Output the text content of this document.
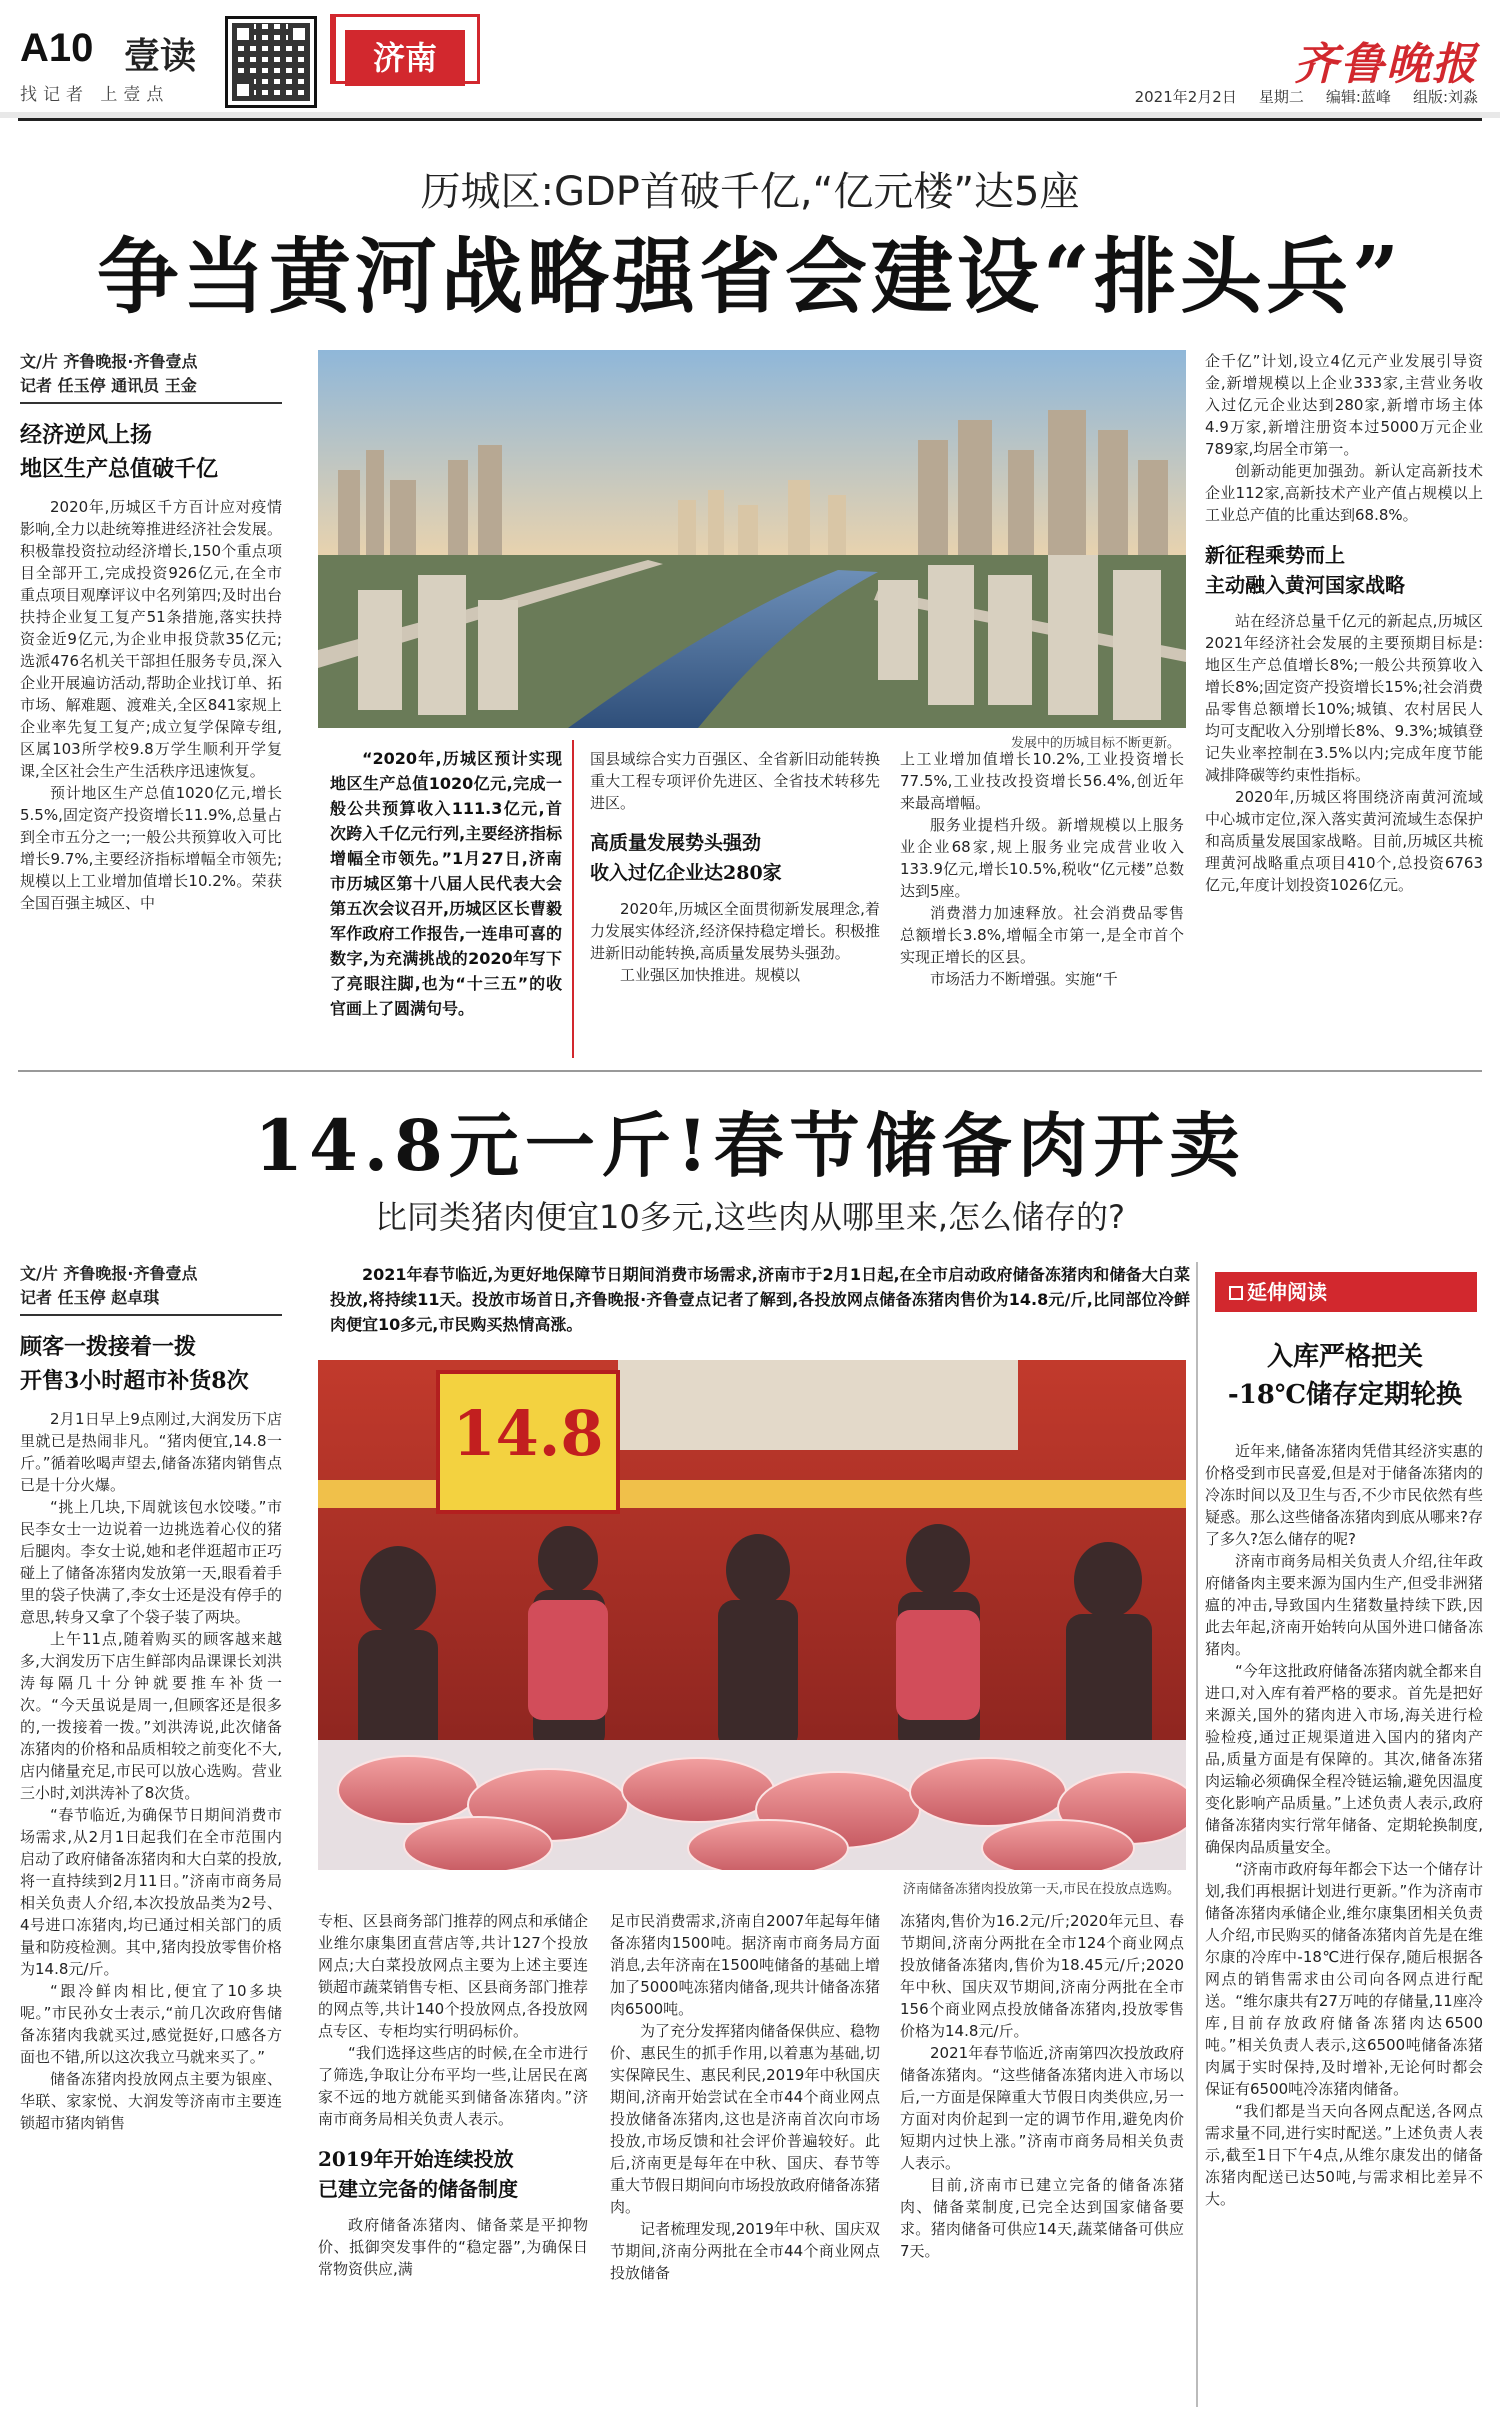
A10 壹读
找记者 上壹点
济南	齐鲁晚报
2021年2月2日 星期二 编辑:蓝峰 组版:刘淼
历城区:GDP首破千亿,“亿元楼”达5座
争当黄河战略强省会建设“排头兵”
文/片 齐鲁晚报·齐鲁壹点
记者 任玉停 通讯员 王金
经济逆风上扬
地区生产总值破千亿

2020年,历城区千方百计应对疫情影响,全力以赴统筹推进经济社会发展。积极靠投资拉动经济增长,150个重点项目全部开工,完成投资926亿元,在全市重点项目观摩评议中名列第四;及时出台扶持企业复工复产51条措施,落实扶持资金近9亿元,为企业申报贷款35亿元;选派476名机关干部担任服务专员,深入企业开展遍访活动,帮助企业找订单、拓市场、解难题、渡难关,全区841家规上企业率先复工复产;成立复学保障专组,区属103所学校9.8万学生顺利开学复课,全区社会生产生活秩序迅速恢复。

预计地区生产总值1020亿元,增长5.5%,固定资产投资增长11.9%,总量占到全市五分之一;一般公共预算收入可比增长9.7%,主要经济指标增幅全市领先;规模以上工业增加值增长10.2%。荣获全国百强主城区、中

发展中的历城目标不断更新。

“2020年,历城区预计实现地区生产总值1020亿元,完成一般公共预算收入111.3亿元,首次跨入千亿元行列,主要经济指标增幅全市领先。”1月27日,济南市历城区第十八届人民代表大会第五次会议召开,历城区区长曹毅军作政府工作报告,一连串可喜的数字,为充满挑战的2020年写下了亮眼注脚,也为“十三五”的收官画上了圆满句号。

国县域综合实力百强区、全省新旧动能转换重大工程专项评价先进区、全省技术转移先进区。
高质量发展势头强劲
收入过亿企业达280家

2020年,历城区全面贯彻新发展理念,着力发展实体经济,经济保持稳定增长。积极推进新旧动能转换,高质量发展势头强劲。

工业强区加快推进。规模以

上工业增加值增长10.2%,工业投资增长77.5%,工业技改投资增长56.4%,创近年来最高增幅。

服务业提档升级。新增规模以上服务业企业68家,规上服务业完成营业收入133.9亿元,增长10.5%,税收“亿元楼”总数达到5座。

消费潜力加速释放。社会消费品零售总额增长3.8%,增幅全市第一,是全市首个实现正增长的区县。

市场活力不断增强。实施“千

企千亿”计划,设立4亿元产业发展引导资金,新增规模以上企业333家,主营业务收入过亿元企业达到280家,新增市场主体4.9万家,新增注册资本过5000万元企业789家,均居全市第一。

创新动能更加强劲。新认定高新技术企业112家,高新技术产业产值占规模以上工业总产值的比重达到68.8%。

新征程乘势而上
主动融入黄河国家战略

站在经济总量千亿元的新起点,历城区2021年经济社会发展的主要预期目标是:地区生产总值增长8%;一般公共预算收入增长8%;固定资产投资增长15%;社会消费品零售总额增长10%;城镇、农村居民人均可支配收入分别增长8%、9.3%;城镇登记失业率控制在3.5%以内;完成年度节能减排降碳等约束性指标。

2020年,历城区将围绕济南黄河流域中心城市定位,深入落实黄河流域生态保护和高质量发展国家战略。目前,历城区共梳理黄河战略重点项目410个,总投资6763亿元,年度计划投资1026亿元。

14.8元一斤!春节储备肉开卖
比同类猪肉便宜10多元,这些肉从哪里来,怎么储存的?
文/片 齐鲁晚报·齐鲁壹点
记者 任玉停 赵卓琪
顾客一拨接着一拨
开售3小时超市补货8次

2月1日早上9点刚过,大润发历下店里就已是热闹非凡。“猪肉便宜,14.8一斤。”循着吆喝声望去,储备冻猪肉销售点已是十分火爆。

“挑上几块,下周就该包水饺喽。”市民李女士一边说着一边挑选着心仪的猪后腿肉。李女士说,她和老伴逛超市正巧碰上了储备冻猪肉发放第一天,眼看着手里的袋子快满了,李女士还是没有停手的意思,转身又拿了个袋子装了两块。

上午11点,随着购买的顾客越来越多,大润发历下店生鲜部肉品课课长刘洪涛每隔几十分钟就要推车补货一次。“今天虽说是周一,但顾客还是很多的,一拨接着一拨。”刘洪涛说,此次储备冻猪肉的价格和品质相较之前变化不大,店内储量充足,市民可以放心选购。营业三小时,刘洪涛补了8次货。

“春节临近,为确保节日期间消费市场需求,从2月1日起我们在全市范围内启动了政府储备冻猪肉和大白菜的投放,将一直持续到2月11日。”济南市商务局相关负责人介绍,本次投放品类为2号、4号进口冻猪肉,均已通过相关部门的质量和防疫检测。其中,猪肉投放零售价格为14.8元/斤。

“跟冷鲜肉相比,便宜了10多块呢。”市民孙女士表示,“前几次政府售储备冻猪肉我就买过,感觉挺好,口感各方面也不错,所以这次我立马就来买了。”

储备冻猪肉投放网点主要为银座、华联、家家悦、大润发等济南市主要连锁超市猪肉销售

2021年春节临近,为更好地保障节日期间消费市场需求,济南市于2月1日起,在全市启动政府储备冻猪肉和储备大白菜投放,将持续11天。投放市场首日,齐鲁晚报·齐鲁壹点记者了解到,各投放网点储备冻猪肉售价为14.8元/斤,比同部位冷鲜肉便宜10多元,市民购买热情高涨。

14.8
济南储备冻猪肉投放第一天,市民在投放点选购。
专柜、区县商务部门推荐的网点和承储企业维尔康集团直营店等,共计127个投放网点;大白菜投放网点主要为上述主要连锁超市蔬菜销售专柜、区县商务部门推荐的网点等,共计140个投放网点,各投放网点专区、专柜均实行明码标价。

“我们选择这些店的时候,在全市进行了筛选,争取让分布平均一些,让居民在离家不远的地方就能买到储备冻猪肉。”济南市商务局相关负责人表示。

2019年开始连续投放
已建立完备的储备制度

政府储备冻猪肉、储备菜是平抑物价、抵御突发事件的“稳定器”,为确保日常物资供应,满

足市民消费需求,济南自2007年起每年储备冻猪肉1500吨。据济南市商务局方面消息,去年济南在1500吨储备的基础上增加了5000吨冻猪肉储备,现共计储备冻猪肉6500吨。

为了充分发挥猪肉储备保供应、稳物价、惠民生的抓手作用,以着惠为基础,切实保障民生、惠民利民,2019年中秋国庆期间,济南开始尝试在全市44个商业网点投放储备冻猪肉,这也是济南首次向市场投放,市场反馈和社会评价普遍较好。此后,济南更是每年在中秋、国庆、春节等重大节假日期间向市场投放政府储备冻猪肉。

记者梳理发现,2019年中秋、国庆双节期间,济南分两批在全市44个商业网点投放储备

冻猪肉,售价为16.2元/斤;2020年元旦、春节期间,济南分两批在全市124个商业网点投放储备冻猪肉,售价为18.45元/斤;2020年中秋、国庆双节期间,济南分两批在全市156个商业网点投放储备冻猪肉,投放零售价格为14.8元/斤。

2021年春节临近,济南第四次投放政府储备冻猪肉。“这些储备冻猪肉进入市场以后,一方面是保障重大节假日肉类供应,另一方面对肉价起到一定的调节作用,避免肉价短期内过快上涨。”济南市商务局相关负责人表示。

目前,济南市已建立完备的储备冻猪肉、储备菜制度,已完全达到国家储备要求。猪肉储备可供应14天,蔬菜储备可供应7天。

延伸阅读
入库严格把关
-18℃储存定期轮换

近年来,储备冻猪肉凭借其经济实惠的价格受到市民喜爱,但是对于储备冻猪肉的冷冻时间以及卫生与否,不少市民依然有些疑惑。那么这些储备冻猪肉到底从哪来?存了多久?怎么储存的呢?

济南市商务局相关负责人介绍,往年政府储备肉主要来源为国内生产,但受非洲猪瘟的冲击,导致国内生猪数量持续下跌,因此去年起,济南开始转向从国外进口储备冻猪肉。

“今年这批政府储备冻猪肉就全都来自进口,对入库有着严格的要求。首先是把好来源关,国外的猪肉进入市场,海关进行检验检疫,通过正规渠道进入国内的猪肉产品,质量方面是有保障的。其次,储备冻猪肉运输必须确保全程冷链运输,避免因温度变化影响产品质量。”上述负责人表示,政府储备冻猪肉实行常年储备、定期轮换制度,确保肉品质量安全。

“济南市政府每年都会下达一个储存计划,我们再根据计划进行更新。”作为济南市储备冻猪肉承储企业,维尔康集团相关负责人介绍,市民购买的储备冻猪肉首先是在维尔康的冷库中-18℃进行保存,随后根据各网点的销售需求由公司向各网点进行配送。“维尔康共有27万吨的存储量,11座冷库,目前存放政府储备冻猪肉达6500吨。”相关负责人表示,这6500吨储备冻猪肉属于实时保持,及时增补,无论何时都会保证有6500吨冷冻猪肉储备。

“我们都是当天向各网点配送,各网点需求量不同,进行实时配送。”上述负责人表示,截至1日下午4点,从维尔康发出的储备冻猪肉配送已达50吨,与需求相比差异不大。
